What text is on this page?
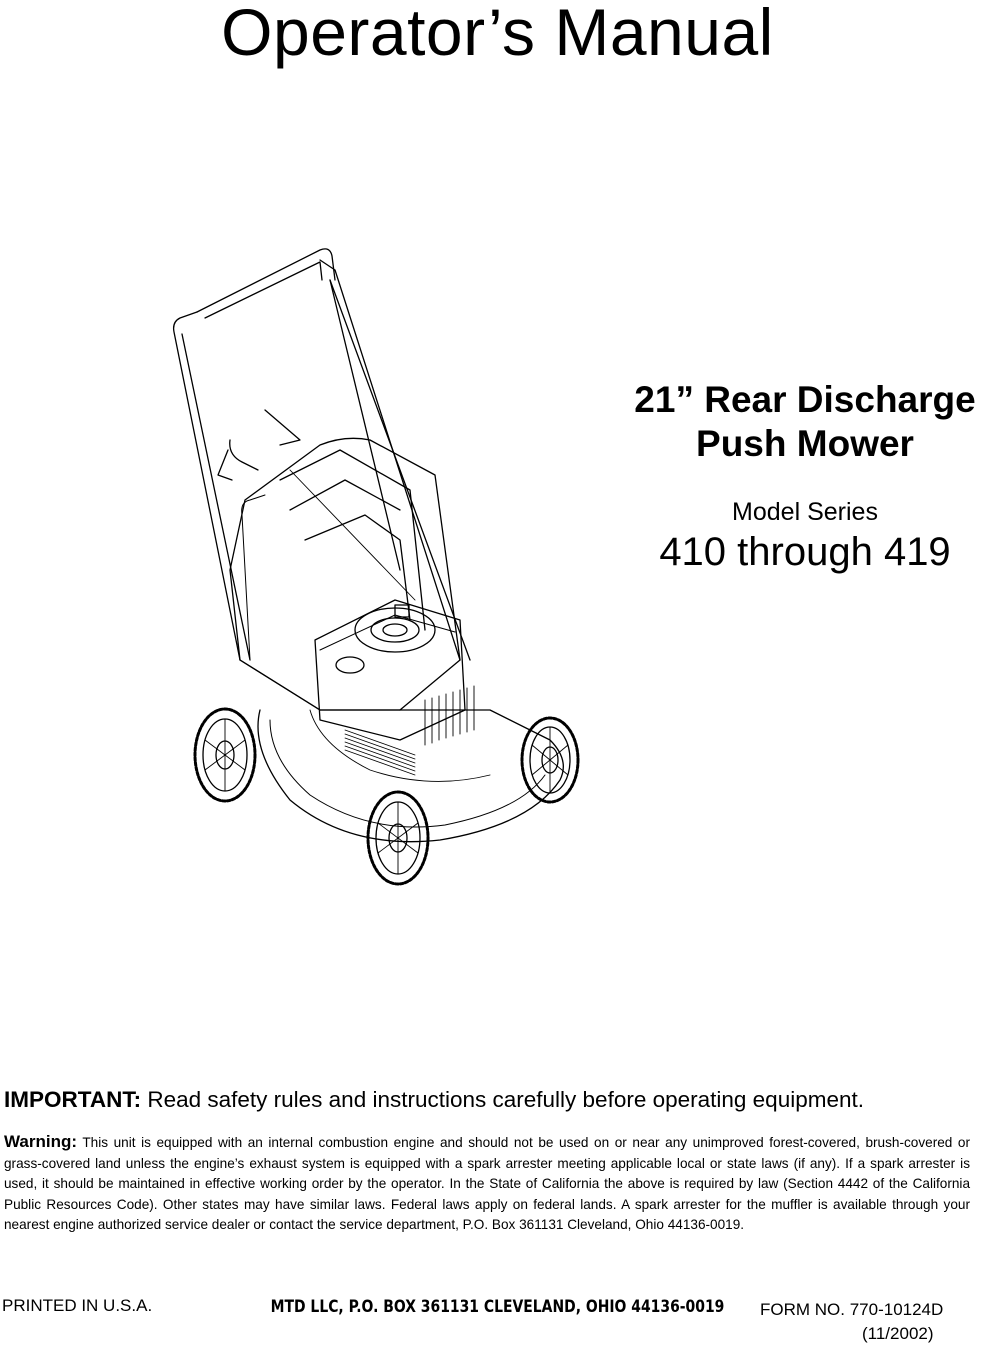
Operator’s Manual
21” Rear Discharge
Push Mower
Model Series
410 through 419
IMPORTANT: Read safety rules and instructions carefully before operating equipment.
Warning: This unit is equipped with an internal combustion engine and should not be used on or near any unimproved forest-covered, brush-covered or grass-covered land unless the engine’s exhaust system is equipped with a spark arrester meeting applicable local or state laws (if any). If a spark arrester is used, it should be maintained in effective working order by the operator. In the State of California the above is required by law (Section 4442 of the California Public Resources Code). Other states may have similar laws. Federal laws apply on federal lands. A spark arrester for the muffler is available through your nearest engine authorized service dealer or contact the service department, P.O. Box 361131 Cleveland, Ohio 44136-0019.
MTD LLC, P.O. BOX 361131 CLEVELAND, OHIO 44136-0019
PRINTED IN U.S.A.	FORM NO. 770-10124D
(11/2002)
